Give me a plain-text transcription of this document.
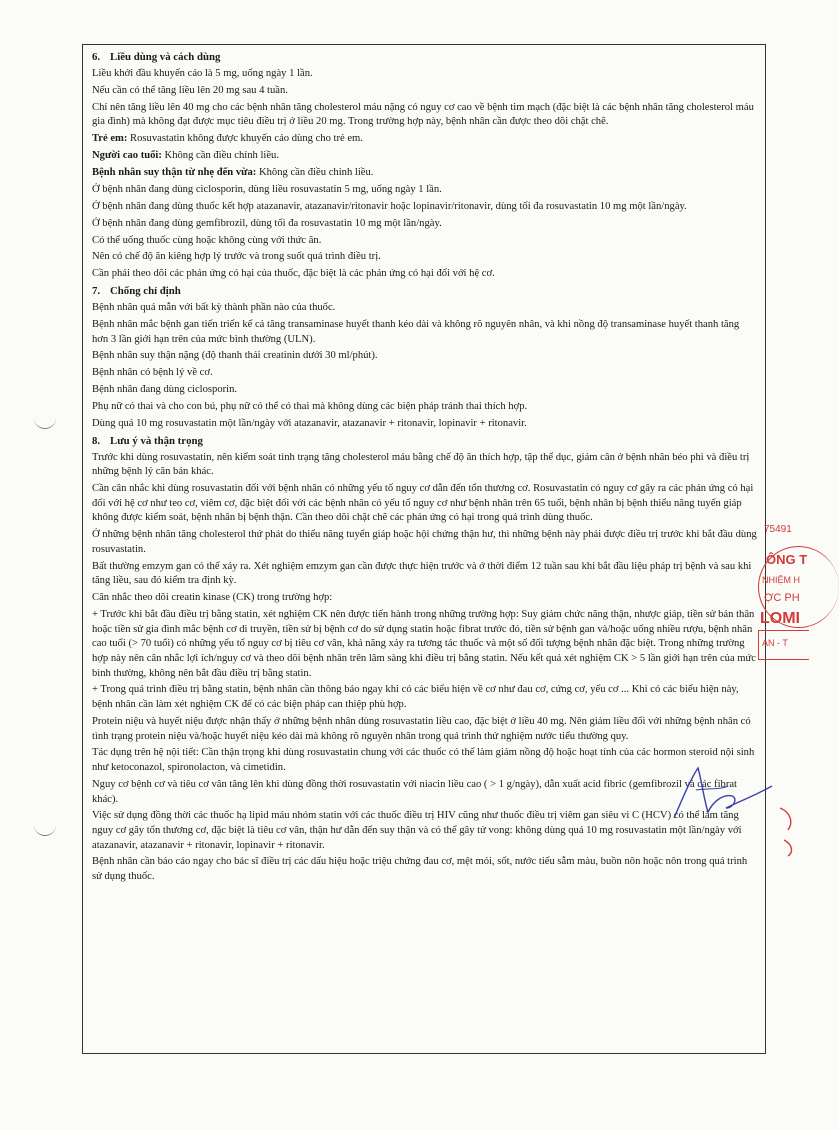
6. Liều dùng và cách dùng

Liều khởi đầu khuyến cáo là 5 mg, uống ngày 1 lần.

Nếu cần có thể tăng liều lên 20 mg sau 4 tuần.

Chỉ nên tăng liều lên 40 mg cho các bệnh nhân tăng cholesterol máu nặng có nguy cơ cao về bệnh tim mạch (đặc biệt là các bệnh nhân tăng cholesterol máu gia đình) mà không đạt được mục tiêu điều trị ở liều 20 mg. Trong trường hợp này, bệnh nhân cần được theo dõi chặt chẽ.

Trẻ em: Rosuvastatin không được khuyến cáo dùng cho trẻ em.

Người cao tuổi: Không cần điều chỉnh liều.

Bệnh nhân suy thận từ nhẹ đến vừa: Không cần điều chỉnh liều.

Ở bệnh nhân đang dùng ciclosporin, dùng liều rosuvastatin 5 mg, uống ngày 1 lần.

Ở bệnh nhân đang dùng thuốc kết hợp atazanavir, atazanavir/ritonavir hoặc lopinavir/ritonavir, dùng tối đa rosuvastatin 10 mg một lần/ngày.

Ở bệnh nhân đang dùng gemfibrozil, dùng tối đa rosuvastatin 10 mg một lần/ngày.

Có thể uống thuốc cùng hoặc không cùng với thức ăn.

Nên có chế độ ăn kiêng hợp lý trước và trong suốt quá trình điều trị.

Cần phải theo dõi các phản ứng có hại của thuốc, đặc biệt là các phản ứng có hại đối với hệ cơ.

7. Chống chỉ định

Bệnh nhân quá mẫn với bất kỳ thành phần nào của thuốc.

Bệnh nhân mắc bệnh gan tiến triển kể cả tăng transaminase huyết thanh kéo dài và không rõ nguyên nhân, và khi nồng độ transaminase huyết thanh tăng hơn 3 lần giới hạn trên của mức bình thường (ULN).

Bệnh nhân suy thận nặng (độ thanh thải creatinin dưới 30 ml/phút).

Bệnh nhân có bệnh lý về cơ.

Bệnh nhân đang dùng ciclosporin.

Phụ nữ có thai và cho con bú, phụ nữ có thể có thai mà không dùng các biện pháp tránh thai thích hợp.

Dùng quá 10 mg rosuvastatin một lần/ngày với atazanavir, atazanavir + ritonavir, lopinavir + ritonavir.

8. Lưu ý và thận trọng

Trước khi dùng rosuvastatin, nên kiểm soát tình trạng tăng cholesterol máu bằng chế độ ăn thích hợp, tập thể dục, giảm cân ở bệnh nhân béo phì và điều trị những bệnh lý căn bản khác.

Cần cân nhắc khi dùng rosuvastatin đối với bệnh nhân có những yếu tố nguy cơ dẫn đến tổn thương cơ. Rosuvastatin có nguy cơ gây ra các phản ứng có hại đối với hệ cơ như teo cơ, viêm cơ, đặc biệt đối với các bệnh nhân có yếu tố nguy cơ như bệnh nhân trên 65 tuổi, bệnh nhân bị bệnh thiểu năng tuyến giáp không được kiểm soát, bệnh nhân bị bệnh thận. Cần theo dõi chặt chẽ các phản ứng có hại trong quá trình dùng thuốc.

Ở những bệnh nhân tăng cholesterol thứ phát do thiểu năng tuyến giáp hoặc hội chứng thận hư, thì những bệnh này phải được điều trị trước khi bắt đầu dùng rosuvastatin.

Bất thường emzym gan có thể xảy ra. Xét nghiệm emzym gan cần được thực hiện trước và ở thời điểm 12 tuần sau khi bắt đầu liệu pháp trị bệnh và sau khi tăng liều, sau đó kiểm tra định kỳ.

Cân nhắc theo dõi creatin kinase (CK) trong trường hợp:

+ Trước khi bắt đầu điều trị bằng statin, xét nghiệm CK nên được tiến hành trong những trường hợp: Suy giảm chức năng thận, nhược giáp, tiền sử bản thân hoặc tiền sử gia đình mắc bệnh cơ di truyền, tiền sử bị bệnh cơ do sử dụng statin hoặc fibrat trước đó, tiền sử bệnh gan và/hoặc uống nhiều rượu, bệnh nhân cao tuổi (> 70 tuổi) có những yếu tố nguy cơ bị tiêu cơ vân, khả năng xảy ra tương tác thuốc và một số đối tượng bệnh nhân đặc biệt. Trong những trường hợp này nên cân nhắc lợi ích/nguy cơ và theo dõi bệnh nhân trên lâm sàng khi điều trị bằng statin. Nếu kết quả xét nghiệm CK > 5 lần giới hạn trên của mức bình thường, không nên bắt đầu điều trị bằng statin.

+ Trong quá trình điều trị bằng statin, bệnh nhân cần thông báo ngay khi có các biểu hiện về cơ như đau cơ, cứng cơ, yếu cơ ... Khi có các biểu hiện này, bệnh nhân cần làm xét nghiệm CK để có các biện pháp can thiệp phù hợp.

Protein niệu và huyết niệu được nhận thấy ở những bệnh nhân dùng rosuvastatin liều cao, đặc biệt ở liều 40 mg. Nên giảm liều đối với những bệnh nhân có tình trạng protein niệu và/hoặc huyết niệu kéo dài mà không rõ nguyên nhân trong quá trình thử nghiệm nước tiểu thường quy.

Tác dụng trên hệ nội tiết: Cần thận trọng khi dùng rosuvastatin chung với các thuốc có thể làm giảm nồng độ hoặc hoạt tính của các hormon steroid nội sinh như ketoconazol, spironolacton, và cimetidin.

Nguy cơ bệnh cơ và tiêu cơ vân tăng lên khi dùng đồng thời rosuvastatin với niacin liều cao ( > 1 g/ngày), dẫn xuất acid fibric (gemfibrozil và các fibrat khác).

Việc sử dụng đồng thời các thuốc hạ lipid máu nhóm statin với các thuốc điều trị HIV cũng như thuốc điều trị viêm gan siêu vi C (HCV) có thể làm tăng nguy cơ gây tổn thương cơ, đặc biệt là tiêu cơ vân, thận hư dẫn đến suy thận và có thể gây tử vong: không dùng quá 10 mg rosuvastatin một lần/ngày với atazanavir, atazanavir + ritonavir, lopinavir + ritonavir.

Bệnh nhân cần báo cáo ngay cho bác sĩ điều trị các dấu hiệu hoặc triệu chứng đau cơ, mệt mỏi, sốt, nước tiểu sẫm màu, buồn nôn hoặc nôn trong quá trình sử dụng thuốc.

75491
ÔNG T
NHIỆM H
ỢC PH
LOMI
AN - T
